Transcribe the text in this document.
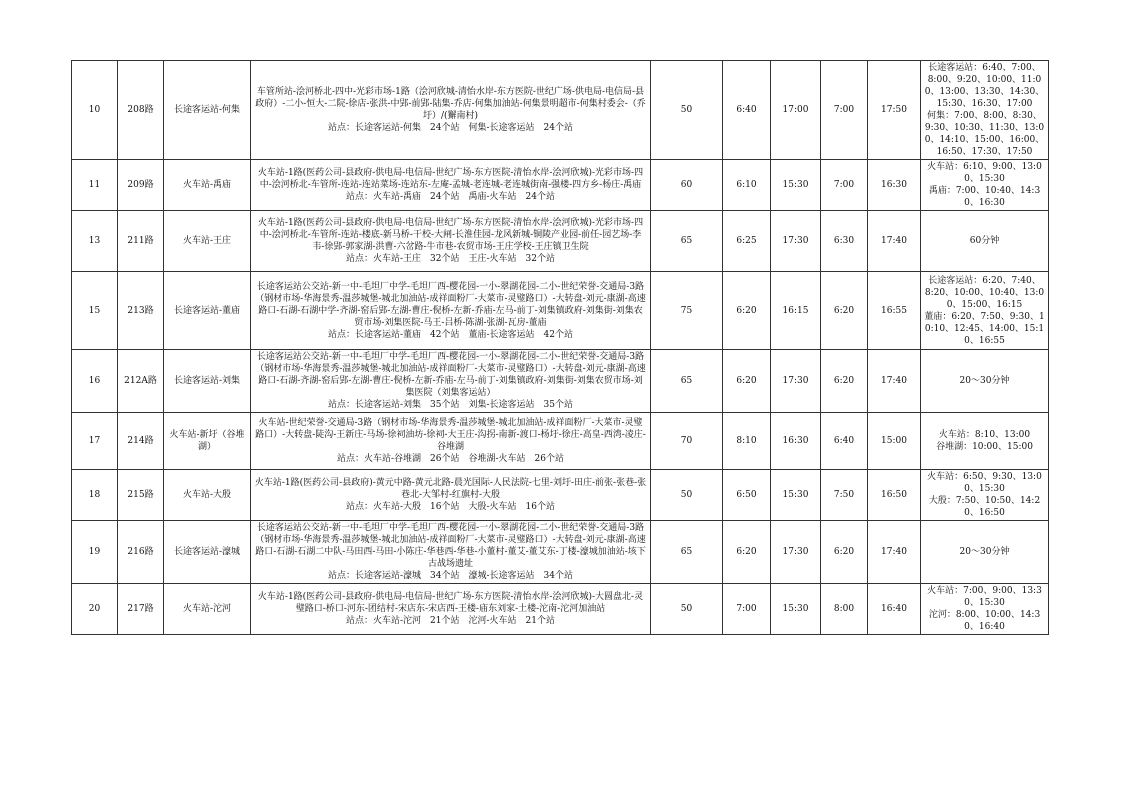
10	208路	长途客运站-何集	车管所站-浍河桥北-四中-光彩市场-1路（浍河欣城-清怡水岸-东方医院-世纪广场-供电局-电信局-县政府）-二小-恒大-二院-徐店-张洪-中郢-前郢-陆集-乔店-何集加油站-何集景明超市-何集村委会-（乔圩）/(獬南村)
站点：长途客运站-何集　24个站　何集-长途客运站　24个站	50	6:40	17:00	7:00	17:50	长途客运站：6:40、7:00、8:00、9:20、10:00、11:00、13:00、13:30、14:30、15:30、16:30、17:00
何集：7:00、8:00、8:30、9:30、10:30、11:30、13:00、14:10、15:00、16:00、16:50、17:30、17:50

11	209路	火车站-禹庙	火车站-1路(医药公司-县政府-供电局-电信局-世纪广场-东方医院-清怡水岸-浍河欣城)-光彩市场-四中-浍河桥北-车管所-连站-连站菜场-连站东-左庵-孟城-老连城-老连城街南-强楼-四方乡-杨庄-禹庙
站点：火车站-禹庙　24个站　禹庙-火车站　24个站	60	6:10	15:30	7:00	16:30	火车站：6:10、9:00、13:00、15:30
禹庙：7:00、10:40、14:30、16:30

13	211路	火车站-王庄	火车站-1路(医药公司-县政府-供电局-电信局-世纪广场-东方医院-清怡水岸-浍河欣城)-光彩市场-四中-浍河桥北-车管所-连站-楼底-新马桥-干校-大闸-长淮佳园-龙风新城-铜陵产业园-前任-园艺场-李韦-徐郢-郭家湖-洪曹-六岔路-牛市巷-农贸市场-王庄学校-王庄镇卫生院
站点：火车站-王庄　32个站　王庄-火车站　32个站	65	6:25	17:30	6:30	17:40	60分钟

15	213路	长途客运站-董庙	长途客运站公交站-新一中-毛坦厂中学-毛坦厂西-樱花园-一小-翠湖花园-二小-世纪荣誉-交通局-3路（钢材市场-华海景秀-温莎城堡-城北加油站-成祥面粉厂-大菜市-灵璧路口）-大转盘-刘元-康湖-高速路口-石湖-石湖中学-齐湖-窑后郢-左湖-曹庄-倪桥-左新-乔庙-左马-前丁-刘集镇政府-刘集街-刘集农贸市场-刘集医院-马王-吕桥-陈湖-张湖-瓦房-董庙
站点：长途客运站-董庙　42个站　董庙-长途客运站　42个站	75	6:20	16:15	6:20	16:55	长途客运站：6:20、7:40、8:20、10:00、10:40、13:00、15:00、16:15
董庙：6:20、7:50、9:30、10:10、12:45、14:00、15:10、16:55

16	212A路	长途客运站-刘集	长途客运站公交站-新一中-毛坦厂中学-毛坦厂西-樱花园-一小-翠湖花园-二小-世纪荣誉-交通局-3路（钢材市场-华海景秀-温莎城堡-城北加油站-成祥面粉厂-大菜市-灵璧路口）-大转盘-刘元-康湖-高速路口-石湖-齐湖-窑后郢-左湖-曹庄-倪桥-左新-乔庙-左马-前丁-刘集镇政府-刘集街-刘集农贸市场-刘集医院（刘集客运站）
站点：长途客运站-刘集　35个站　刘集-长途客运站　35个站	65	6:20	17:30	6:20	17:40	20～30分钟

17	214路	火车站-新圩（谷堆湖）	火车站-世纪荣誉-交通局-3路（钢材市场-华海景秀-温莎城堡-城北加油站-成祥面粉厂-大菜市-灵璧路口）-大转盘-陡沟-王新庄-马场-徐祠油坊-徐祠-大王庄-沟拐-南新-渡口-杨圩-徐庄-高皇-西湾-凌庄-谷堆湖
站点：火车站-谷堆湖　26个站　谷堆湖-火车站　26个站	70	8:10	16:30	6:40	15:00	火车站：8:10、13:00
谷堆湖：10:00、15:00

18	215路	火车站-大殷	火车站-1路(医药公司-县政府)-黄元中路-黄元北路-晨光国际-人民法院-七里-刘圩-田庄-前张-张巷-张巷北-大邹村-红旗村-大殷
站点：火车站-大殷　16个站　大殷-火车站　16个站	50	6:50	15:30	7:50	16:50	火车站：6:50、9:30、13:00、15:30
大殷：7:50、10:50、14:20、16:50

19	216路	长途客运站-濠城	长途客运站公交站-新一中-毛坦厂中学-毛坦厂西-樱花园-一小-翠湖花园-二小-世纪荣誉-交通局-3路（钢材市场-华海景秀-温莎城堡-城北加油站-成祥面粉厂-大菜市-灵璧路口）-大转盘-刘元-康湖-高速路口-石湖-石湖二中队-马田西-马田-小陈庄-华巷西-华巷-小董村-董艾-董艾东-丁楼-濠城加油站-垓下古战场遗址
站点：长途客运站-濠城　34个站　濠城-长途客运站　34个站	65	6:20	17:30	6:20	17:40	20～30分钟

20	217路	火车站-沱河	火车站-1路(医药公司-县政府-供电局-电信局-世纪广场-东方医院-清怡水岸-浍河欣城)-大圆盘北-灵璧路口-桥口-河东-团结村-宋店东-宋店西-王楼-庙东刘家-土楼-沱南-沱河加油站
站点：火车站-沱河　21个站　沱河-火车站　21个站	50	7:00	15:30	8:00	16:40	火车站：7:00、9:00、13:30、15:30
沱河：8:00、10:00、14:30、16:40
